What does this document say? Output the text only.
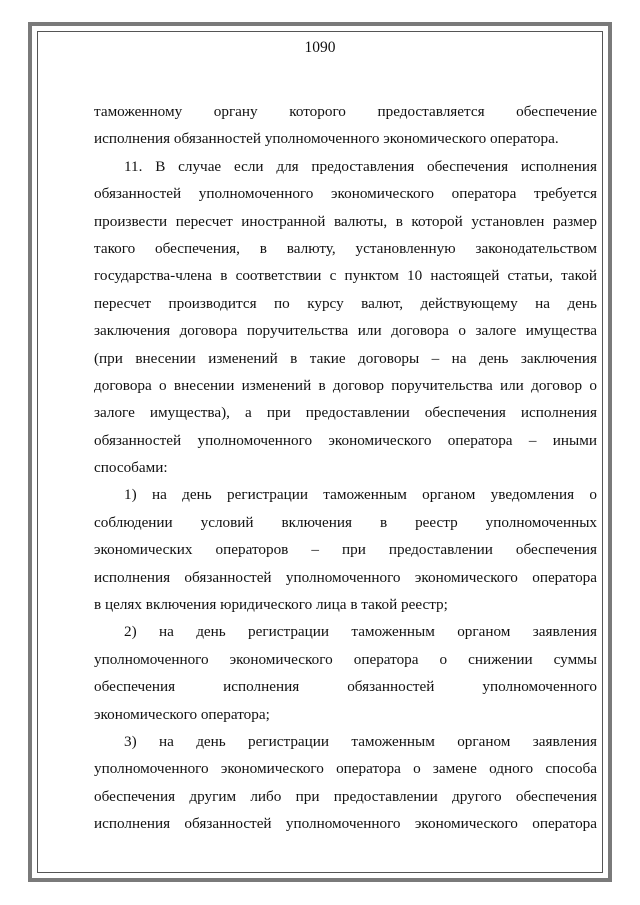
1090
таможенному органу которого предоставляется обеспечение
исполнения обязанностей уполномоченного экономического оператора.
11. В случае если для предоставления обеспечения исполнения
обязанностей уполномоченного экономического оператора требуется
произвести пересчет иностранной валюты, в которой установлен размер
такого обеспечения, в валюту, установленную законодательством
государства-члена в соответствии с пунктом 10 настоящей статьи, такой
пересчет производится по курсу валют, действующему на день
заключения договора поручительства или договора о залоге имущества
(при внесении изменений в такие договоры – на день заключения
договора о внесении изменений в договор поручительства или договор о
залоге имущества), а при предоставлении обеспечения исполнения
обязанностей уполномоченного экономического оператора – иными
способами:
1) на день регистрации таможенным органом уведомления о
соблюдении условий включения в реестр уполномоченных
экономических операторов – при предоставлении обеспечения
исполнения обязанностей уполномоченного экономического оператора
в целях включения юридического лица в такой реестр;
2) на день регистрации таможенным органом заявления
уполномоченного экономического оператора о снижении суммы
обеспечения исполнения обязанностей уполномоченного
экономического оператора;
3) на день регистрации таможенным органом заявления
уполномоченного экономического оператора о замене одного способа
обеспечения другим либо при предоставлении другого обеспечения
исполнения обязанностей уполномоченного экономического оператора
